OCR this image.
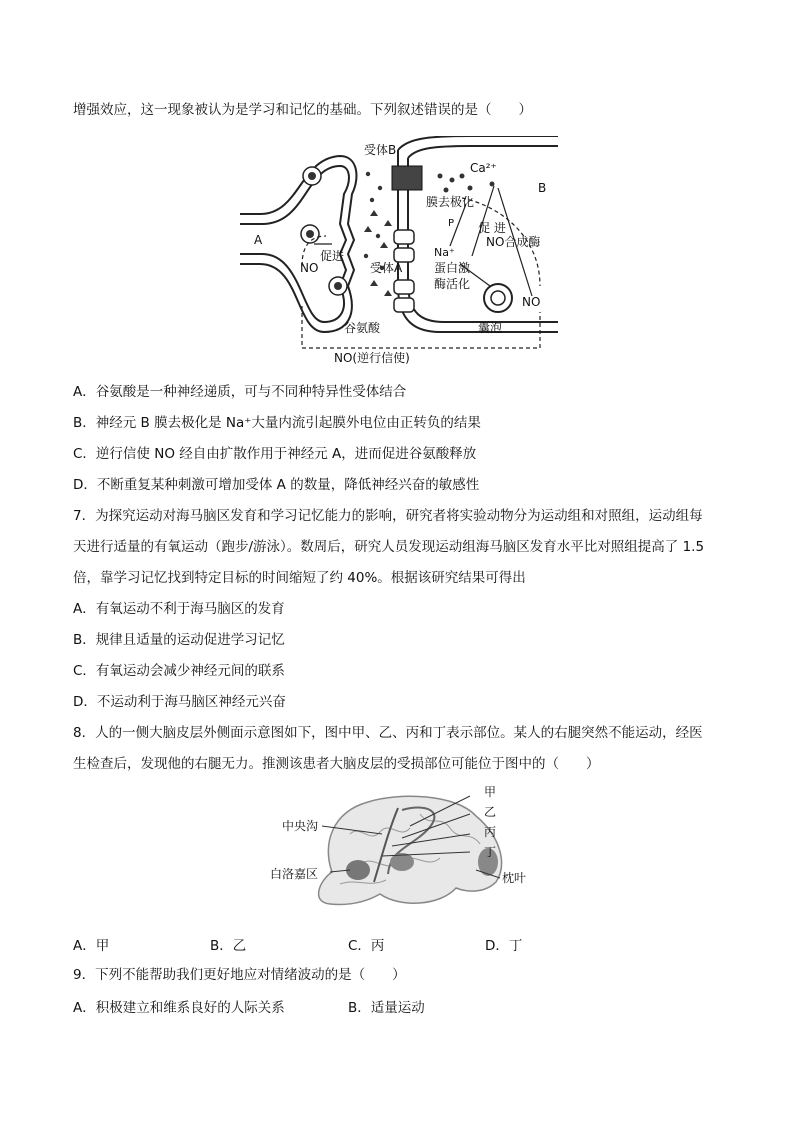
增强效应，这一现象被认为是学习和记忆的基础。下列叙述错误的是（　　）
受体B
Ca²⁺
B
A
膜去极化
促 进
P
Na⁺
NO合成酶
蛋白激
酶活化
促进
NO	受体A
谷氨酸	囊泡
NO
NO(逆行信使)
A．谷氨酸是一种神经递质，可与不同种特异性受体结合
B．神经元 B 膜去极化是 Na⁺大量内流引起膜外电位由正转负的结果
C．逆行信使 NO 经自由扩散作用于神经元 A，进而促进谷氨酸释放
D．不断重复某种刺激可增加受体 A 的数量，降低神经兴奋的敏感性
7．为探究运动对海马脑区发育和学习记忆能力的影响，研究者将实验动物分为运动组和对照组，运动组每
天进行适量的有氧运动（跑步/游泳）。数周后，研究人员发现运动组海马脑区发育水平比对照组提高了 1.5
倍，靠学习记忆找到特定目标的时间缩短了约 40%。根据该研究结果可得出
A．有氧运动不利于海马脑区的发育
B．规律且适量的运动促进学习记忆
C．有氧运动会减少神经元间的联系
D．不运动利于海马脑区神经元兴奋
8．人的一侧大脑皮层外侧面示意图如下，图中甲、乙、丙和丁表示部位。某人的右腿突然不能运动，经医
生检查后，发现他的右腿无力。推测该患者大脑皮层的受损部位可能位于图中的（　　）
甲
乙
丙
丁
中央沟
白洛嘉区	枕叶
A．甲	B．乙	C．丙	D．丁
9．下列不能帮助我们更好地应对情绪波动的是（　　）
A．积极建立和维系良好的人际关系	B．适量运动
